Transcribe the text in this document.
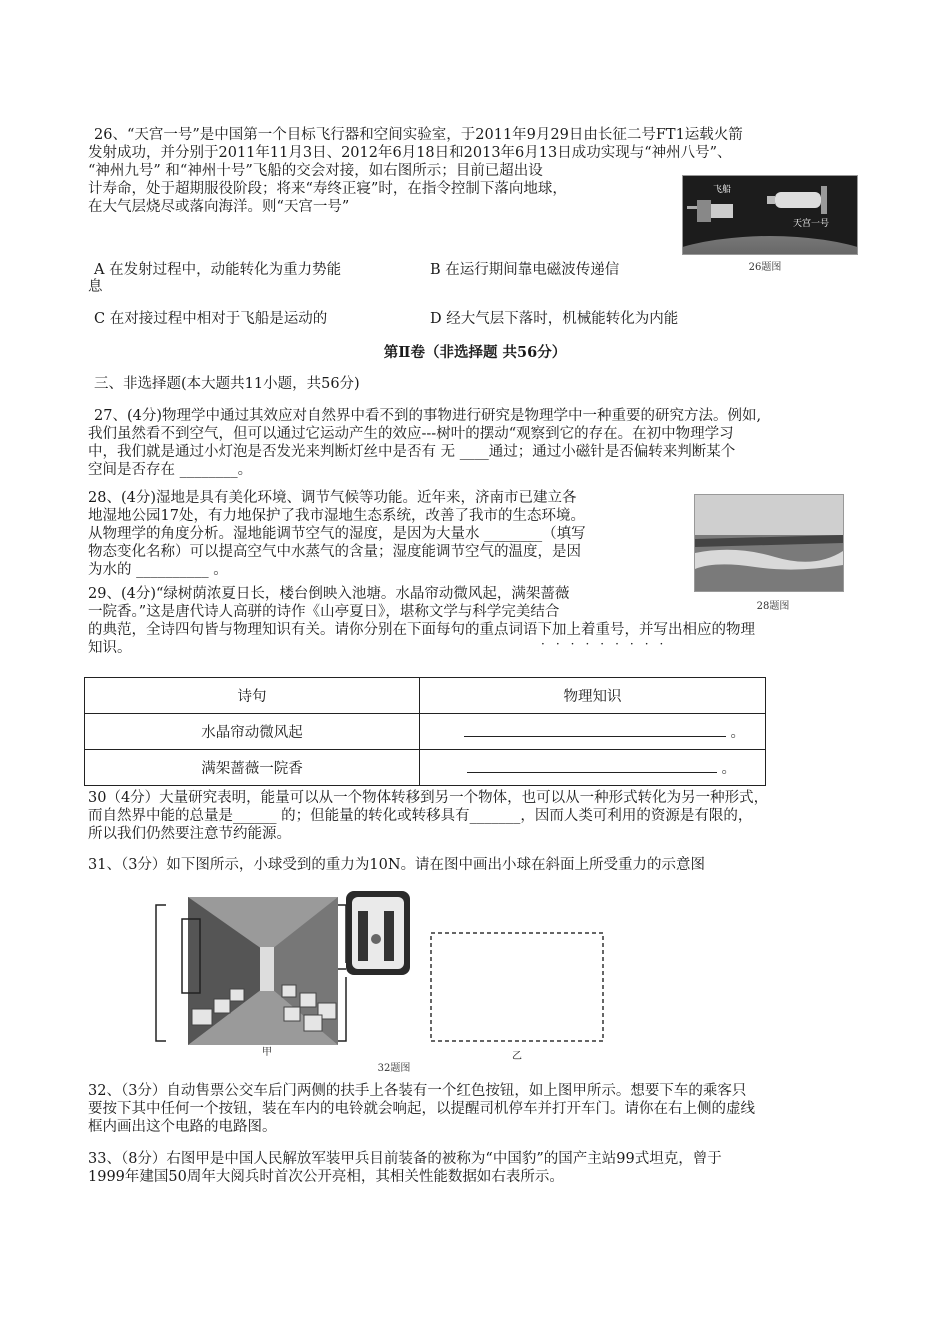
26、“天宫一号”是中国第一个目标飞行器和空间实验室，于2011年9月29日由长征二号FT1运载火箭
发射成功，并分别于2011年11月3日、2012年6月18日和2013年6月13日成功实现与“神州八号”、
“神州九号” 和“神州十号”飞船的交会对接，如右图所示；目前已超出设
计寿命，处于超期服役阶段；将来“寿终正寝”时，在指令控制下落向地球，
在大气层烧尽或落向海洋。则“天宫一号”
飞船
天宫一号
26题图
A 在发射过程中，动能转化为重力势能	B 在运行期间靠电磁波传递信
息
C 在对接过程中相对于飞船是运动的	D 经大气层下落时，机械能转化为内能
第Ⅱ卷（非选择题 共56分）
三、非选择题(本大题共11小题，共56分)
27、(4分)物理学中通过其效应对自然界中看不到的事物进行研究是物理学中一种重要的研究方法。例如,
我们虽然看不到空气，但可以通过它运动产生的效应---树叶的摆动“观察到它的存在。在初中物理学习
中，我们就是通过小灯泡是否发光来判断灯丝中是否有 无 ____通过；通过小磁针是否偏转来判断某个
空间是否存在 ________。
28、(4分)湿地是具有美化环境、调节气候等功能。近年来，济南市已建立各
地湿地公园17处，有力地保护了我市湿地生态系统，改善了我市的生态环境。
从物理学的角度分析。湿地能调节空气的湿度，是因为大量水 ________（填写
物态变化名称）可以提高空气中水蒸气的含量；湿度能调节空气的温度，是因
为水的 __________ 。
28题图
29、(4分)“绿树荫浓夏日长，楼台倒映入池塘。水晶帘动微风起，满架蔷薇
一院香。”这是唐代诗人高骈的诗作《山亭夏日》，堪称文学与科学完美结合
的典范，全诗四句皆与物理知识有关。请你分别在下面每句的重点词语下加上着重号，并写出相应的物理
知识。	·········
诗句	物理知识
水晶帘动微风起	。
满架蔷薇一院香	。
30（4分）大量研究表明，能量可以从一个物体转移到另一个物体，也可以从一种形式转化为另一种形式，
而自然界中能的总量是______ 的；但能量的转化或转移具有_______，因而人类可利用的资源是有限的，
所以我们仍然要注意节约能源。
31、（3分）如下图所示，小球受到的重力为10N。请在图中画出小球在斜面上所受重力的示意图
甲	乙
32题图
32、（3分）自动售票公交车后门两侧的扶手上各装有一个红色按钮，如上图甲所示。想要下车的乘客只
要按下其中任何一个按钮，装在车内的电铃就会响起，以提醒司机停车并打开车门。请你在右上侧的虚线
框内画出这个电路的电路图。
33、（8分）右图甲是中国人民解放军装甲兵目前装备的被称为“中国豹”的国产主站99式坦克，曾于
1999年建国50周年大阅兵时首次公开亮相，其相关性能数据如右表所示。
